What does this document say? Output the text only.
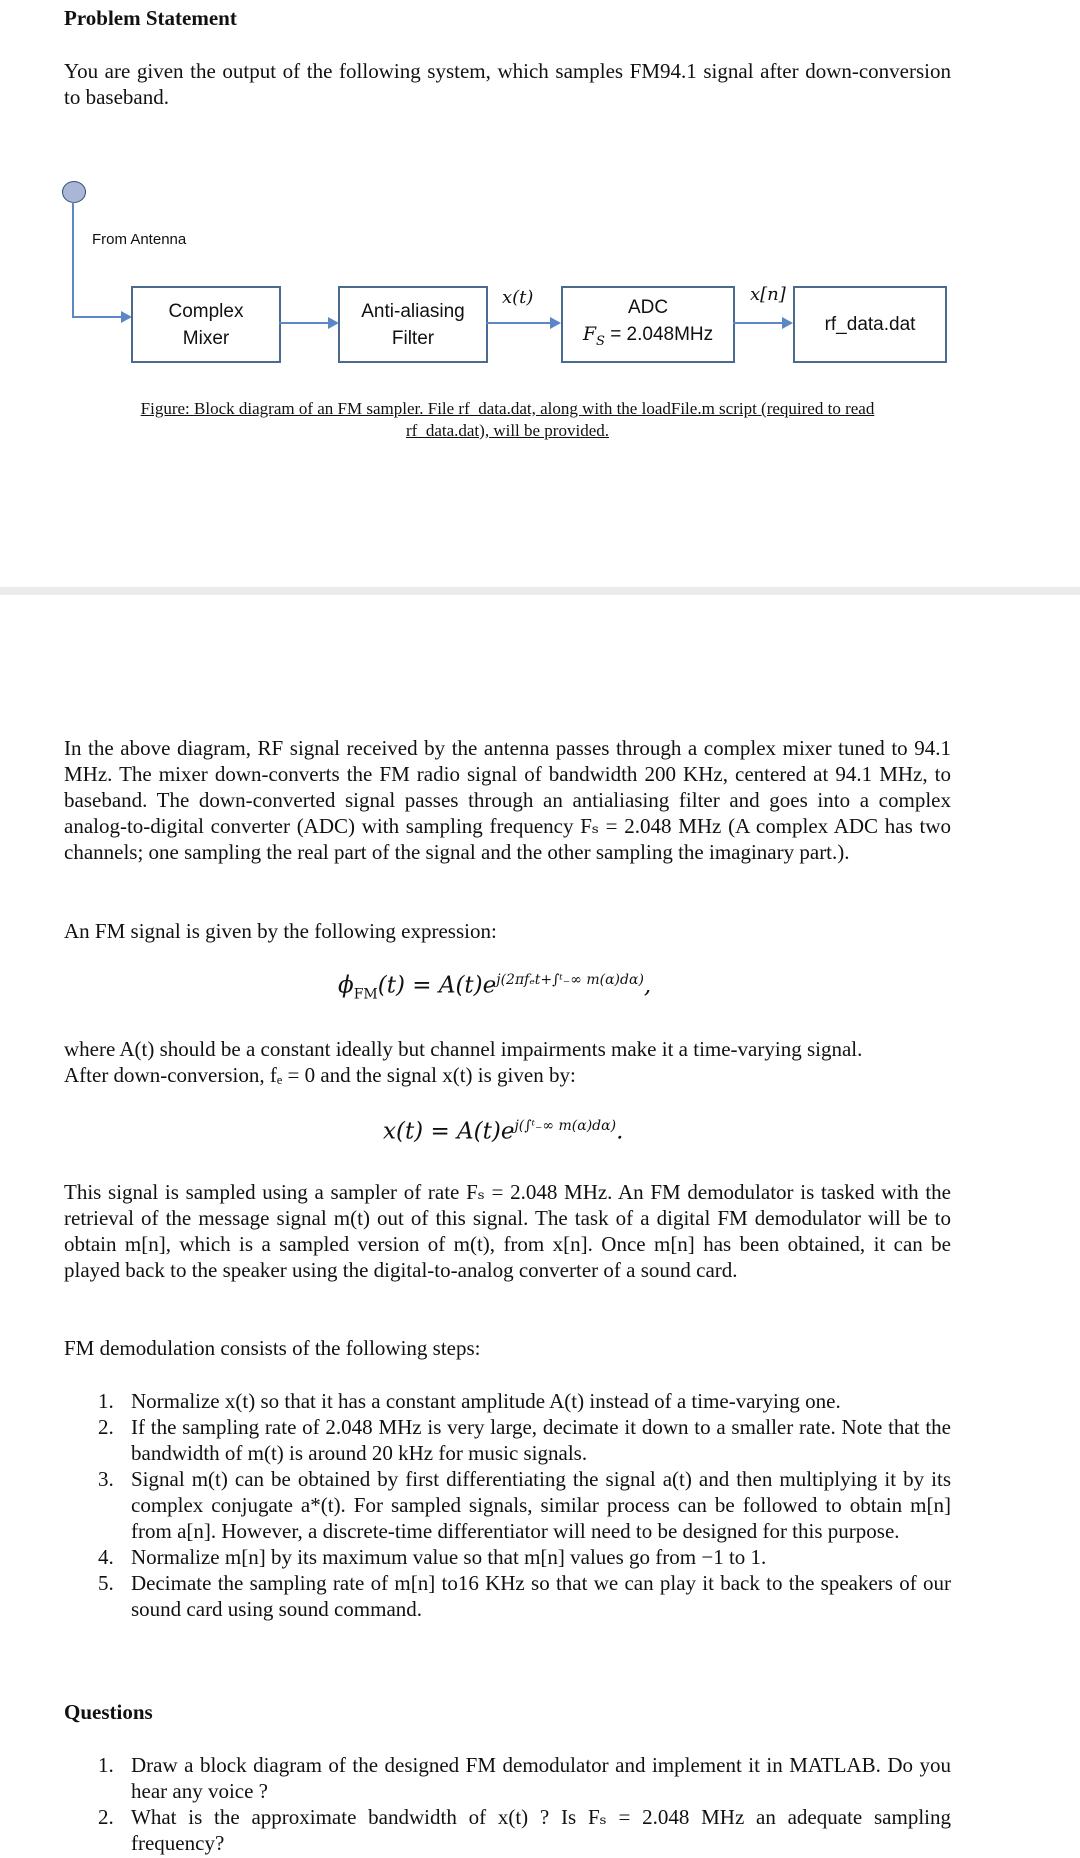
Problem Statement
You are given the output of the following system, which samples FM94.1 signal after down-conversion to baseband.
From Antenna
Complex
Mixer
Anti-aliasing
Filter
x(t)	ADC
$F_S = 2.048MHz$
x[n]
rf_data.dat
Figure: Block diagram of an FM sampler. File rf_data.dat, along with the loadFile.m script (required to read
rf_data.dat), will be provided.
In the above diagram, RF signal received by the antenna passes through a complex mixer tuned to 94.1 MHz. The mixer down-converts the FM radio signal of bandwidth 200 KHz, centered at 94.1 MHz, to baseband. The down-converted signal passes through an antialiasing filter and goes into a complex analog-to-digital converter (ADC) with sampling frequency Fₛ = 2.048 MHz (A complex ADC has two channels; one sampling the real part of the signal and the other sampling the imaginary part.).
An FM signal is given by the following expression:
$\phi_{FM}(t) = A(t)e^{j(2\pi f_et+\int ᵗ_-\infty m(\alpha)d\alpha)}$,
where A(t) should be a constant ideally but channel impairments make it a time-varying signal.
After down-conversion, fₑ = 0 and the signal x(t) is given by:
$x(t) = A(t)e^{j(\int ᵗ_-\infty m(\alpha)d\alpha)}$.
This signal is sampled using a sampler of rate Fₛ = 2.048 MHz. An FM demodulator is tasked with the retrieval of the message signal m(t) out of this signal. The task of a digital FM demodulator will be to obtain m[n], which is a sampled version of m(t), from x[n]. Once m[n] has been obtained, it can be played back to the speaker using the digital-to-analog converter of a sound card.
FM demodulation consists of the following steps:
1. Normalize x(t) so that it has a constant amplitude A(t) instead of a time-varying one.
2. If the sampling rate of 2.048 MHz is very large, decimate it down to a smaller rate. Note that the bandwidth of m(t) is around 20 kHz for music signals.
3. Signal m(t) can be obtained by first differentiating the signal a(t) and then multiplying it by its complex conjugate a*(t). For sampled signals, similar process can be followed to obtain m[n] from a[n]. However, a discrete-time differentiator will need to be designed for this purpose.
4. Normalize m[n] by its maximum value so that m[n] values go from −1 to 1.
5. Decimate the sampling rate of m[n] to16 KHz so that we can play it back to the speakers of our sound card using sound command.
Questions
1. Draw a block diagram of the designed FM demodulator and implement it in MATLAB. Do you hear any voice ?
2. What is the approximate bandwidth of x(t) ? Is Fₛ = 2.048 MHz an adequate sampling frequency?
